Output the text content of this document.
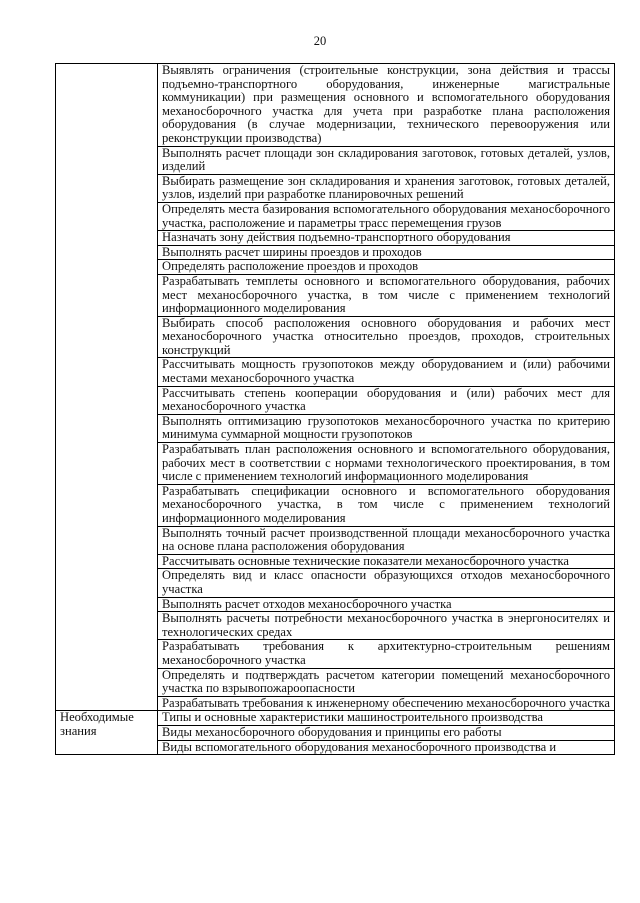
20
	Выявлять ограничения (строительные конструкции, зона действия и трассы подъемно-транспортного оборудования, инженерные магистральные коммуникации) при размещения основного и вспомогательного оборудования механосборочного участка для учета при разработке плана расположения оборудования (в случае модернизации, технического перевооружения или реконструкции производства)
	Выполнять расчет площади зон складирования заготовок, готовых деталей, узлов, изделий
	Выбирать размещение зон складирования и хранения заготовок, готовых деталей, узлов, изделий при разработке планировочных решений
	Определять места базирования вспомогательного оборудования механосборочного участка, расположение и параметры трасс перемещения грузов
	Назначать зону действия подъемно-транспортного оборудования
	Выполнять расчет ширины проездов и проходов
	Определять расположение проездов и проходов
	Разрабатывать темплеты основного и вспомогательного оборудования, рабочих мест механосборочного участка, в том числе с применением технологий информационного моделирования
	Выбирать способ расположения основного оборудования и рабочих мест механосборочного участка относительно проездов, проходов, строительных конструкций
	Рассчитывать мощность грузопотоков между оборудованием и (или) рабочими местами механосборочного участка
	Рассчитывать степень кооперации оборудования и (или) рабочих мест для механосборочного участка
	Выполнять оптимизацию грузопотоков механосборочного участка по критерию минимума суммарной мощности грузопотоков
	Разрабатывать план расположения основного и вспомогательного оборудования, рабочих мест в соответствии с нормами технологического проектирования, в том числе с применением технологий информационного моделирования
	Разрабатывать спецификации основного и вспомогательного оборудования механосборочного участка, в том числе с применением технологий информационного моделирования
	Выполнять точный расчет производственной площади механосборочного участка на основе плана расположения оборудования
	Рассчитывать основные технические показатели механосборочного участка
	Определять вид и класс опасности образующихся отходов механосборочного участка
	Выполнять расчет отходов механосборочного участка
	Выполнять расчеты потребности механосборочного участка в энергоносителях и технологических средах
	Разрабатывать требования к архитектурно-строительным решениям механосборочного участка
	Определять и подтверждать расчетом категории помещений механосборочного участка по взрывопожароопасности
	Разрабатывать требования к инженерному обеспечению механосборочного участка
Необходимые знания	Типы и основные характеристики машиностроительного производства
	Виды механосборочного оборудования и принципы его работы
	Виды вспомогательного оборудования механосборочного производства и
